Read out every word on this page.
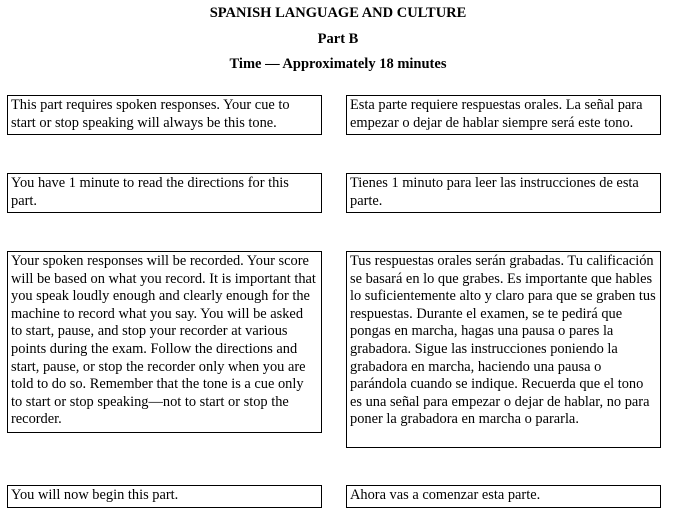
SPANISH LANGUAGE AND CULTURE
Part B
Time — Approximately 18 minutes
This part requires spoken responses. Your cue to start or stop speaking will always be this tone.
Esta parte requiere respuestas orales. La señal para empezar o dejar de hablar siempre será este tono.
You have 1 minute to read the directions for this part.
Tienes 1 minuto para leer las instrucciones de esta parte.
Your spoken responses will be recorded. Your score will be based on what you record. It is important that you speak loudly enough and clearly enough for the machine to record what you say. You will be asked to start, pause, and stop your recorder at various points during the exam. Follow the directions and start, pause, or stop the recorder only when you are told to do so. Remember that the tone is a cue only to start or stop speaking—not to start or stop the recorder.
Tus respuestas orales serán grabadas. Tu calificación se basará en lo que grabes. Es importante que hables lo suficientemente alto y claro para que se graben tus respuestas. Durante el examen, se te pedirá que pongas en marcha, hagas una pausa o pares la grabadora. Sigue las instrucciones poniendo la grabadora en marcha, haciendo una pausa o parándola cuando se indique. Recuerda que el tono es una señal para empezar o dejar de hablar, no para poner la grabadora en marcha o pararla.
You will now begin this part.	Ahora vas a comenzar esta parte.
